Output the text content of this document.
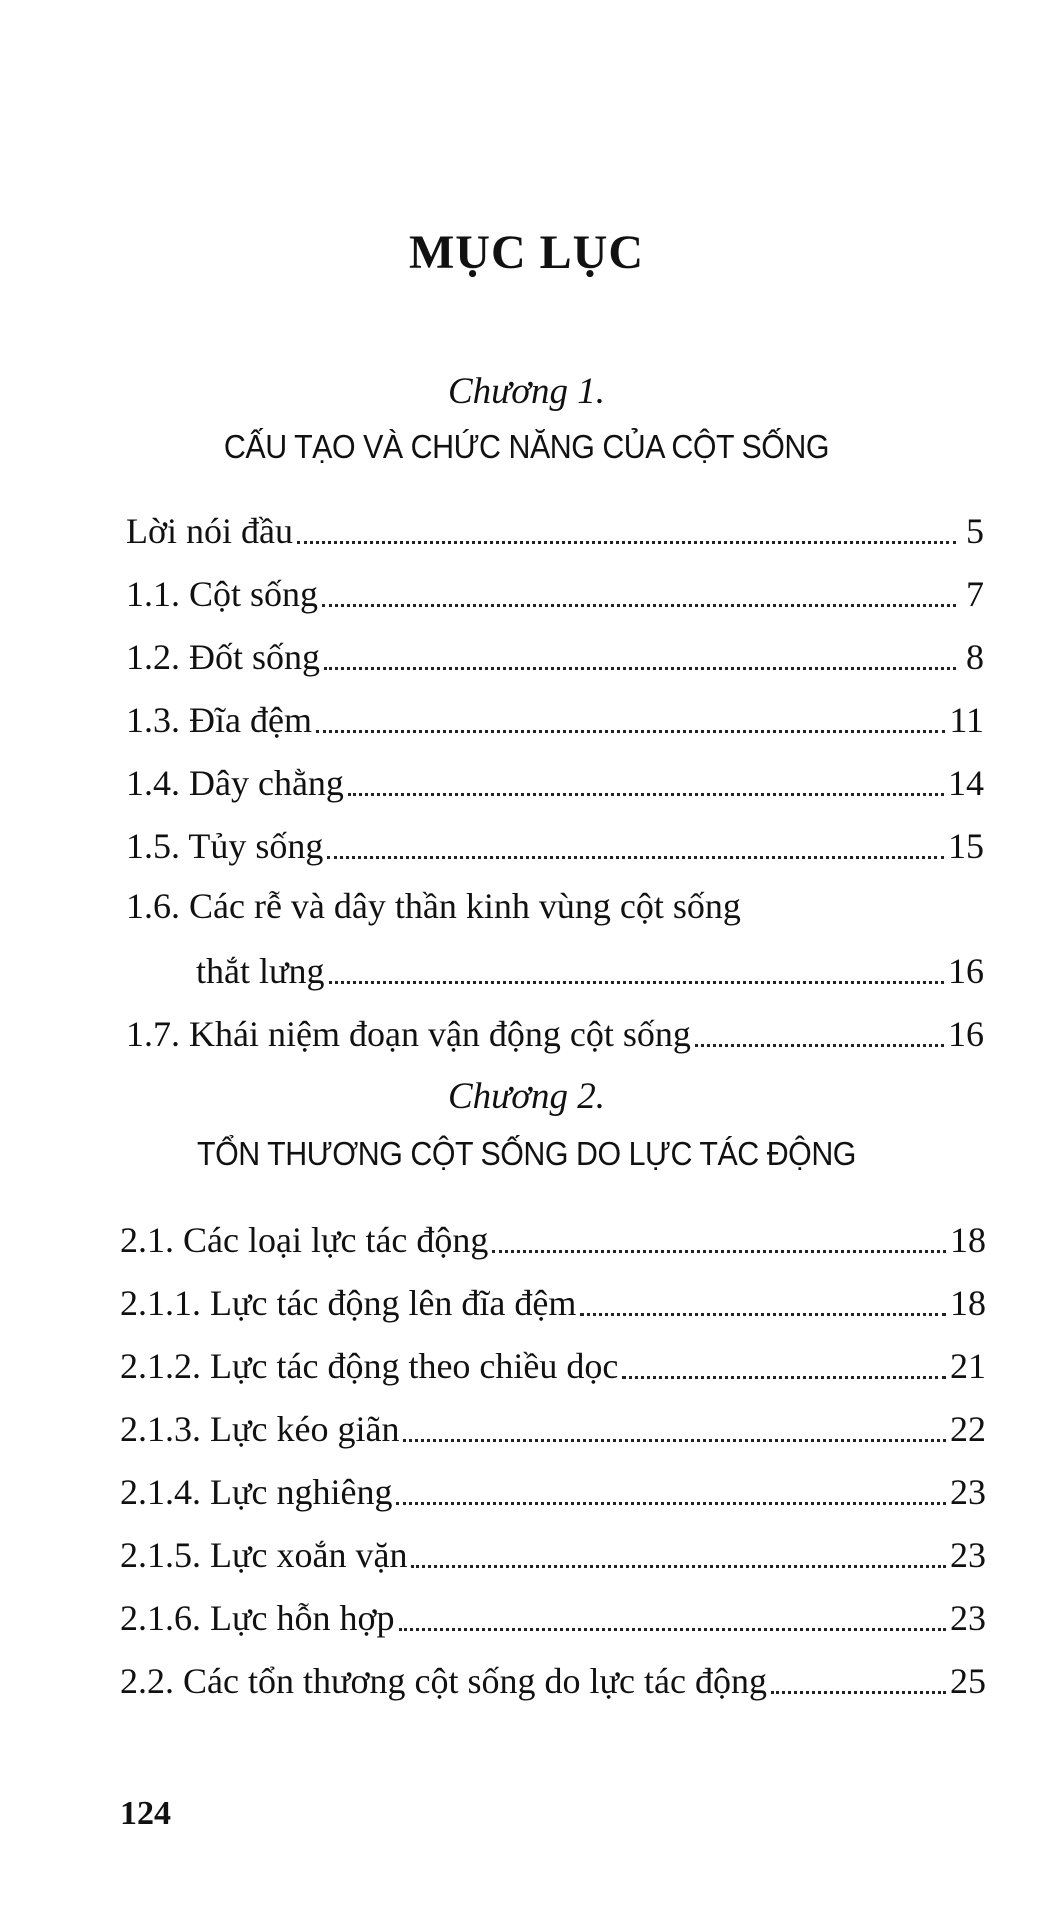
MỤC LỤC
Chương 1.
CẤU TẠO VÀ CHỨC NĂNG CỦA CỘT SỐNG
Lời nói đầu	5
1.1. Cột sống	7
1.2. Đốt sống	8
1.3. Đĩa đệm	11
1.4. Dây chằng	14
1.5. Tủy sống	15
1.6. Các rễ và dây thần kinh vùng cột sống
thắt lưng	16
1.7. Khái niệm đoạn vận động cột sống	16
Chương 2.
TỔN THƯƠNG CỘT SỐNG DO LỰC TÁC ĐỘNG
2.1. Các loại lực tác động	18
2.1.1. Lực tác động lên đĩa đệm	18
2.1.2. Lực tác động theo chiều dọc	21
2.1.3. Lực kéo giãn	22
2.1.4. Lực nghiêng	23
2.1.5. Lực xoắn vặn	23
2.1.6. Lực hỗn hợp	23
2.2. Các tổn thương cột sống do lực tác động	25
124
